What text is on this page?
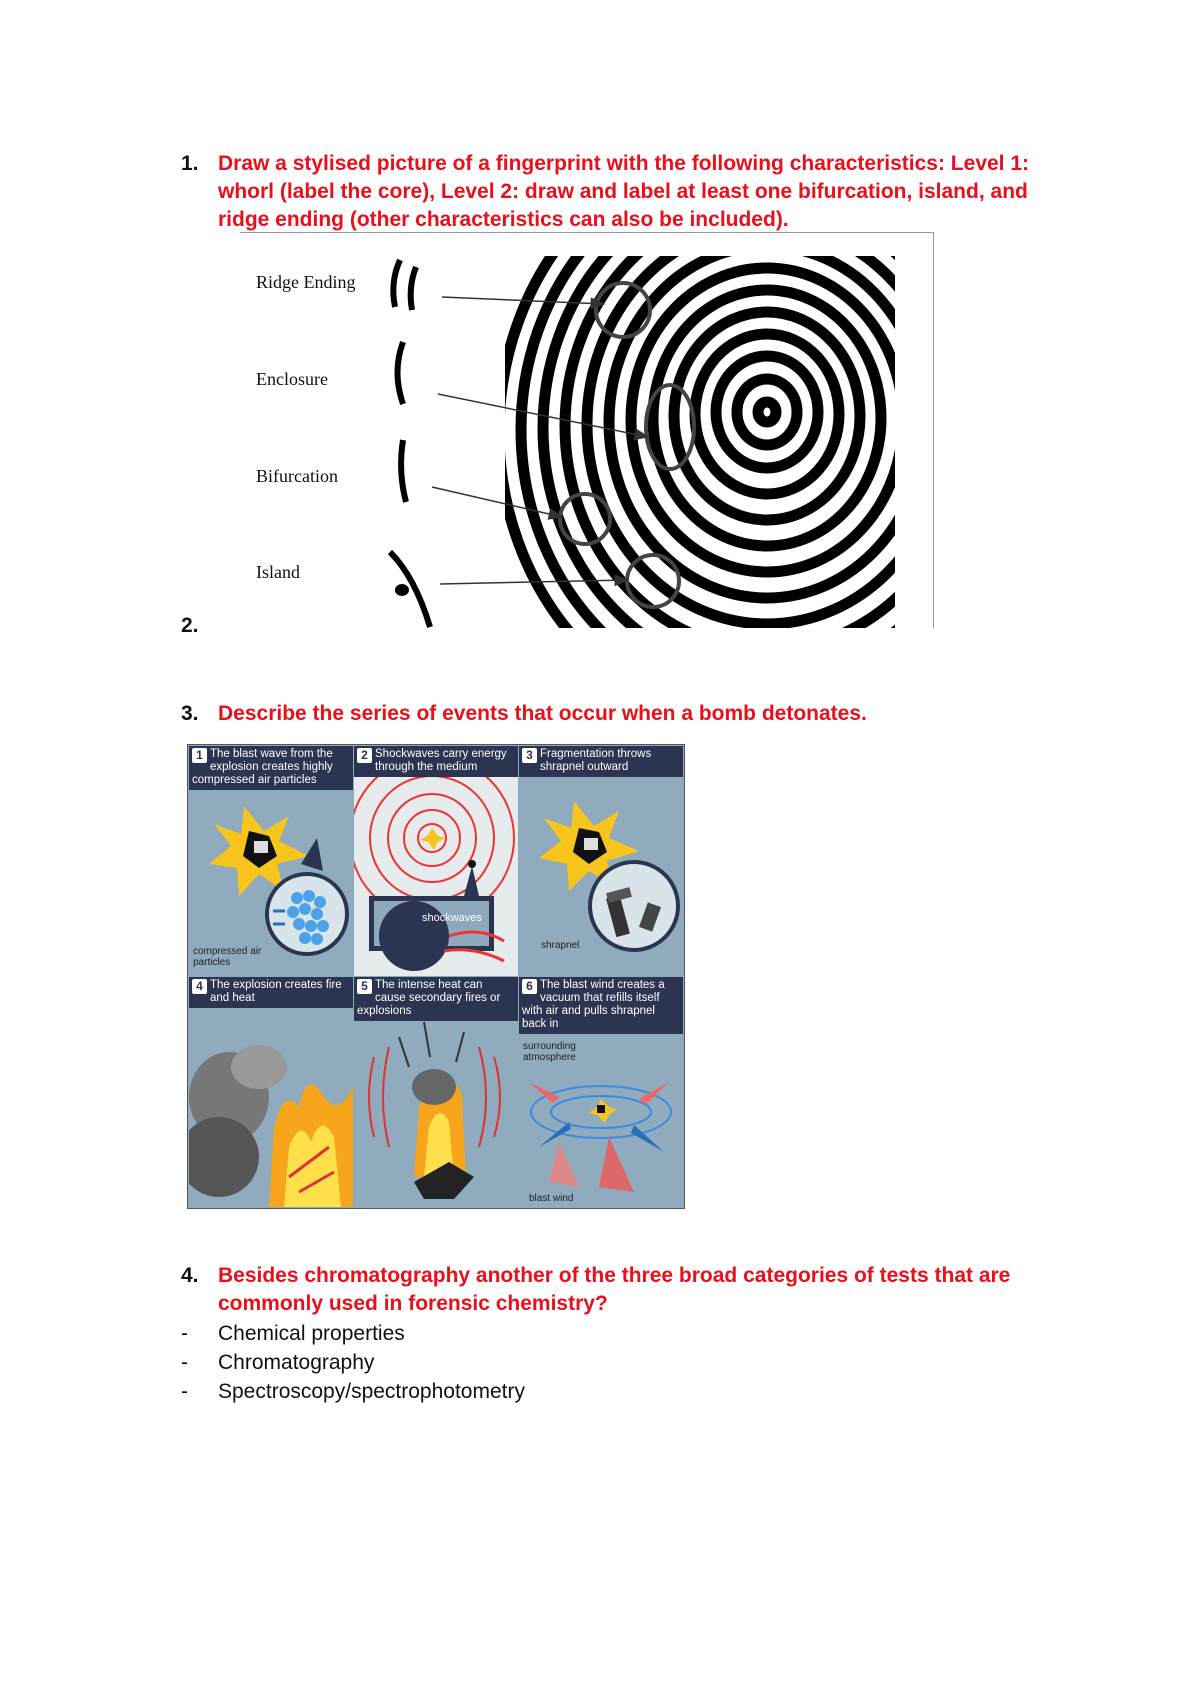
1. Draw a stylised picture of a fingerprint with the following characteristics: Level 1:
whorl (label the core), Level 2: draw and label at least one bifurcation, island, and
ridge ending (other characteristics can also be included).
Ridge Ending
Enclosure
Bifurcation
Island
2.
3. Describe the series of events that occur when a bomb detonates.
1 The blast wave from the explosion creates highly compressed air particles
compressed air particles
2 Shockwaves carry energy through the medium
shockwaves
3 Fragmentation throws shrapnel outward
shrapnel
4 The explosion creates fire and heat
5 The intense heat can cause secondary fires or explosions
6 The blast wind creates a vacuum that refills itself with air and pulls shrapnel back in
surrounding atmosphere
blast wind
4. Besides chromatography another of the three broad categories of tests that are
commonly used in forensic chemistry?
- Chemical properties
- Chromatography
- Spectroscopy/spectrophotometry
